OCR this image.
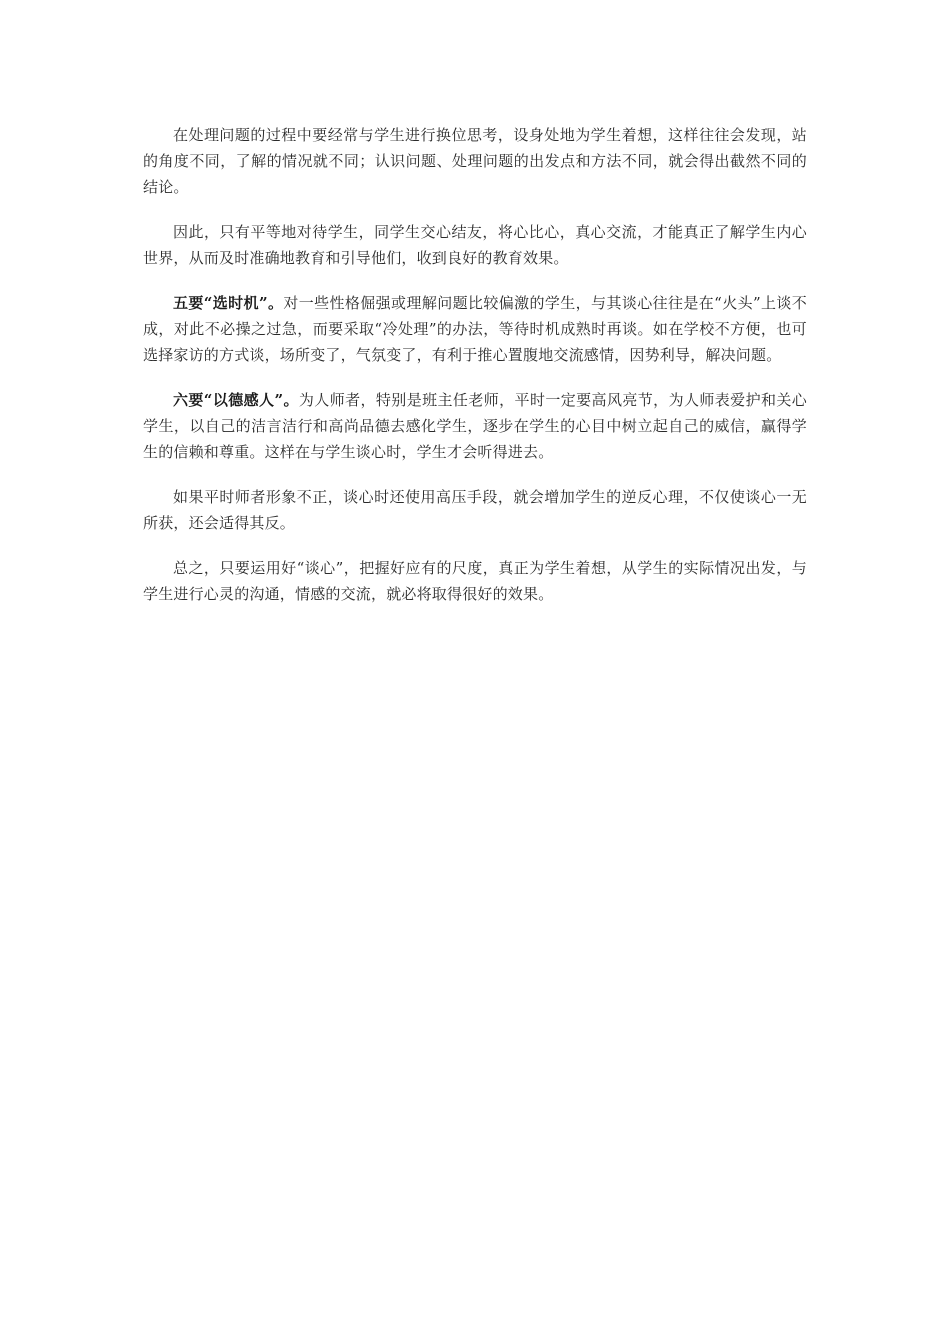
在处理问题的过程中要经常与学生进行换位思考，设身处地为学生着想，这样往往会发现，站的角度不同，了解的情况就不同；认识问题、处理问题的出发点和方法不同，就会得出截然不同的结论。

因此，只有平等地对待学生，同学生交心结友，将心比心，真心交流，才能真正了解学生内心世界，从而及时准确地教育和引导他们，收到良好的教育效果。

五要“选时机”。对一些性格倔强或理解问题比较偏激的学生，与其谈心往往是在“火头”上谈不成，对此不必操之过急，而要采取“冷处理”的办法，等待时机成熟时再谈。如在学校不方便，也可选择家访的方式谈，场所变了，气氛变了，有利于推心置腹地交流感情，因势利导，解决问题。

六要“以德感人”。为人师者，特别是班主任老师，平时一定要高风亮节，为人师表爱护和关心学生，以自己的洁言洁行和高尚品德去感化学生，逐步在学生的心目中树立起自己的威信，赢得学生的信赖和尊重。这样在与学生谈心时，学生才会听得进去。

如果平时师者形象不正，谈心时还使用高压手段，就会增加学生的逆反心理，不仅使谈心一无所获，还会适得其反。

总之，只要运用好“谈心”，把握好应有的尺度，真正为学生着想，从学生的实际情况出发，与学生进行心灵的沟通，情感的交流，就必将取得很好的效果。
